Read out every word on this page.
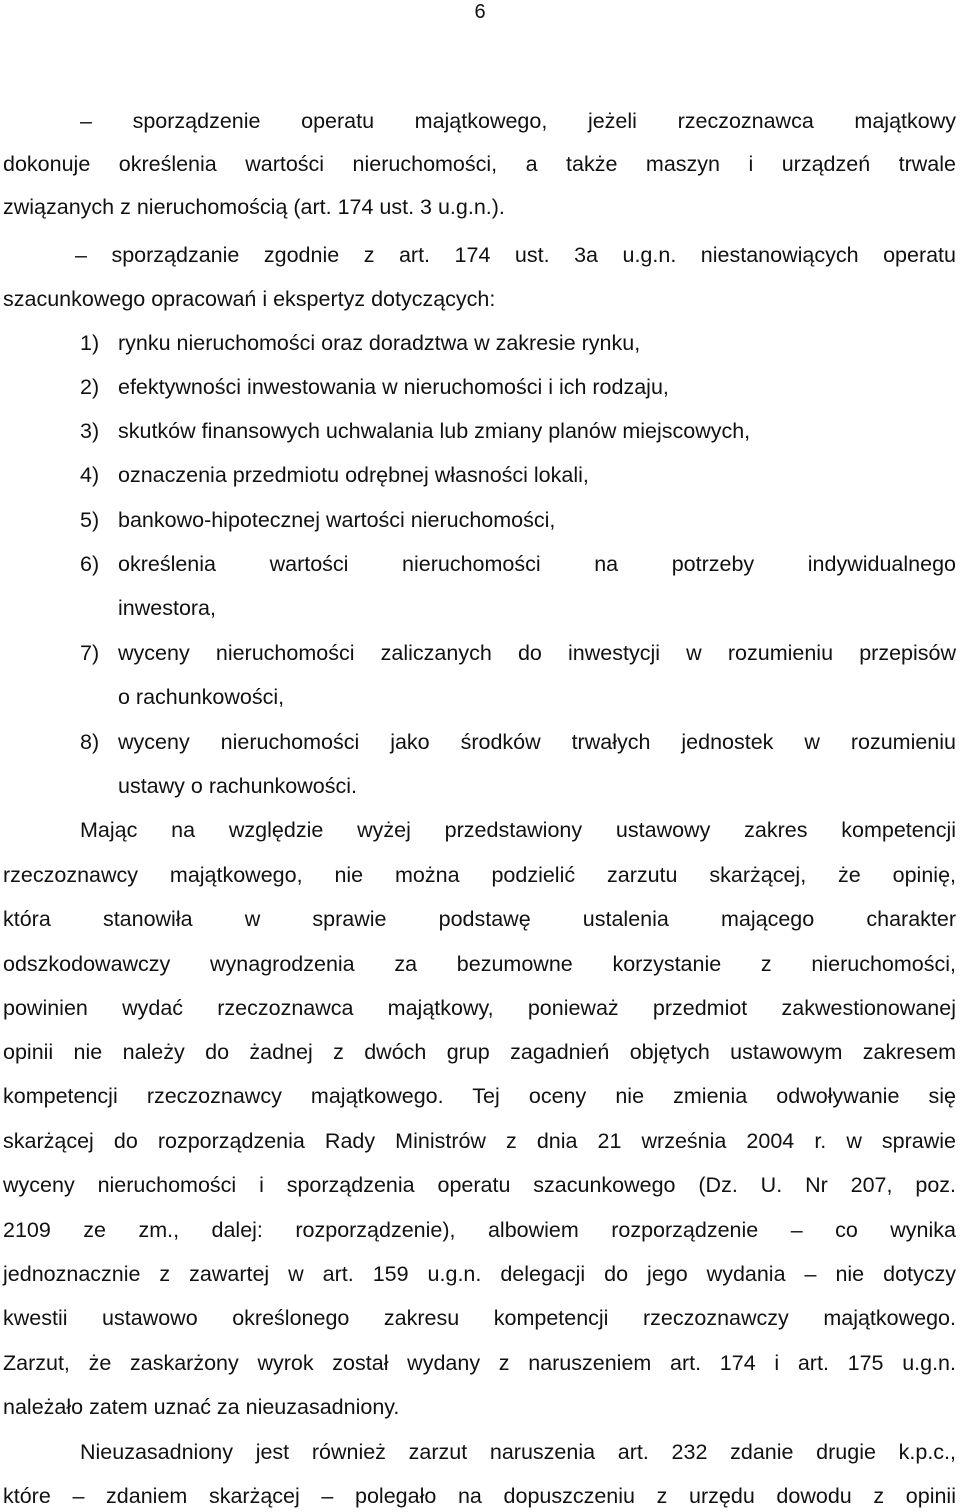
6
– sporządzenie operatu majątkowego, jeżeli rzeczoznawca majątkowy
dokonuje określenia wartości nieruchomości, a także maszyn i urządzeń trwale
związanych z nieruchomością (art. 174 ust. 3 u.g.n.).
– sporządzanie zgodnie z art. 174 ust. 3a u.g.n. niestanowiących operatu
szacunkowego opracowań i ekspertyz dotyczących:
1) rynku nieruchomości oraz doradztwa w zakresie rynku,
2) efektywności inwestowania w nieruchomości i ich rodzaju,
3) skutków finansowych uchwalania lub zmiany planów miejscowych,
4) oznaczenia przedmiotu odrębnej własności lokali,
5) bankowo-hipotecznej wartości nieruchomości,
6) określenia wartości nieruchomości na potrzeby indywidualnego
inwestora,
7) wyceny nieruchomości zaliczanych do inwestycji w rozumieniu przepisów
o rachunkowości,
8) wyceny nieruchomości jako środków trwałych jednostek w rozumieniu
ustawy o rachunkowości.
Mając na względzie wyżej przedstawiony ustawowy zakres kompetencji
rzeczoznawcy majątkowego, nie można podzielić zarzutu skarżącej, że opinię,
która stanowiła w sprawie podstawę ustalenia mającego charakter
odszkodowawczy wynagrodzenia za bezumowne korzystanie z nieruchomości,
powinien wydać rzeczoznawca majątkowy, ponieważ przedmiot zakwestionowanej
opinii nie należy do żadnej z dwóch grup zagadnień objętych ustawowym zakresem
kompetencji rzeczoznawcy majątkowego. Tej oceny nie zmienia odwoływanie się
skarżącej do rozporządzenia Rady Ministrów z dnia 21 września 2004 r. w sprawie
wyceny nieruchomości i sporządzenia operatu szacunkowego (Dz. U. Nr 207, poz.
2109 ze zm., dalej: rozporządzenie), albowiem rozporządzenie – co wynika
jednoznacznie z zawartej w art. 159 u.g.n. delegacji do jego wydania – nie dotyczy
kwestii ustawowo określonego zakresu kompetencji rzeczoznawczy majątkowego.
Zarzut, że zaskarżony wyrok został wydany z naruszeniem art. 174 i art. 175 u.g.n.
należało zatem uznać za nieuzasadniony.
Nieuzasadniony jest również zarzut naruszenia art. 232 zdanie drugie k.p.c.,
które – zdaniem skarżącej – polegało na dopuszczeniu z urzędu dowodu z opinii
